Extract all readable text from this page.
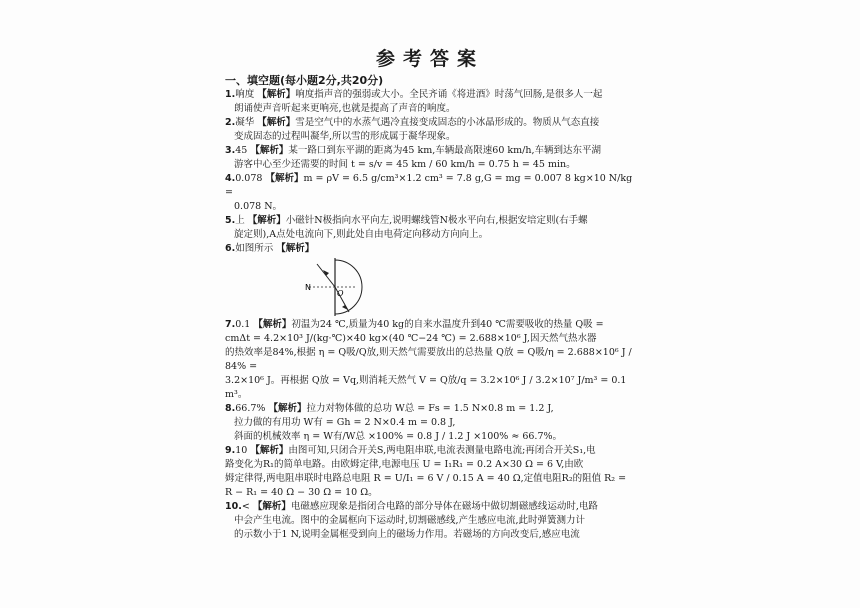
参考答案
一、填空题(每小题2分,共20分)
1.响度 【解析】响度指声音的强弱或大小。全民齐诵《将进酒》时荡气回肠,是很多人一起
朗诵使声音听起来更响亮,也就是提高了声音的响度。
2.凝华 【解析】雪是空气中的水蒸气遇冷直接变成固态的小冰晶形成的。物质从气态直接
变成固态的过程叫凝华,所以雪的形成属于凝华现象。
3.45 【解析】某一路口到东平湖的距离为45 km,车辆最高限速60 km/h,车辆到达东平湖
游客中心至少还需要的时间 t = s/v = 45 km / 60 km/h = 0.75 h = 45 min。
4.0.078 【解析】m = ρV = 6.5 g/cm³×1.2 cm³ = 7.8 g,G = mg = 0.007 8 kg×10 N/kg =
0.078 N。
5.上 【解析】小磁针N极指向水平向左,说明螺线管N极水平向右,根据安培定则(右手螺
旋定则),A点处电流向下,则此处自由电荷定向移动方向向上。
6.如图所示 【解析】
N
O
7.0.1 【解析】初温为24 ℃,质量为40 kg的自来水温度升到40 ℃需要吸收的热量 Q吸 =
cmΔt = 4.2×10³ J/(kg·℃)×40 kg×(40 ℃−24 ℃) = 2.688×10⁶ J,因天然气热水器
的热效率是84%,根据 η = Q吸/Q放,则天然气需要放出的总热量 Q放 = Q吸/η = 2.688×10⁶ J / 84% =
3.2×10⁶ J。再根据 Q放 = Vq,则消耗天然气 V = Q放/q = 3.2×10⁶ J / 3.2×10⁷ J/m³ = 0.1 m³。
8.66.7% 【解析】拉力对物体做的总功 W总 = Fs = 1.5 N×0.8 m = 1.2 J,
拉力做的有用功 W有 = Gh = 2 N×0.4 m = 0.8 J,
斜面的机械效率 η = W有/W总 ×100% = 0.8 J / 1.2 J ×100% ≈ 66.7%。
9.10 【解析】由图可知,只闭合开关S,两电阻串联,电流表测量电路电流;再闭合开关S₁,电
路变化为R₁的简单电路。由欧姆定律,电源电压 U = I₁R₁ = 0.2 A×30 Ω = 6 V,由欧
姆定律得,两电阻串联时电路总电阻 R = U/I₁ = 6 V / 0.15 A = 40 Ω,定值电阻R₂的阻值 R₂ =
R − R₁ = 40 Ω − 30 Ω = 10 Ω。
10.< 【解析】电磁感应现象是指闭合电路的部分导体在磁场中做切割磁感线运动时,电路
中会产生电流。图中的金属框向下运动时,切割磁感线,产生感应电流,此时弹簧测力计
的示数小于1 N,说明金属框受到向上的磁场力作用。若磁场的方向改变后,感应电流
